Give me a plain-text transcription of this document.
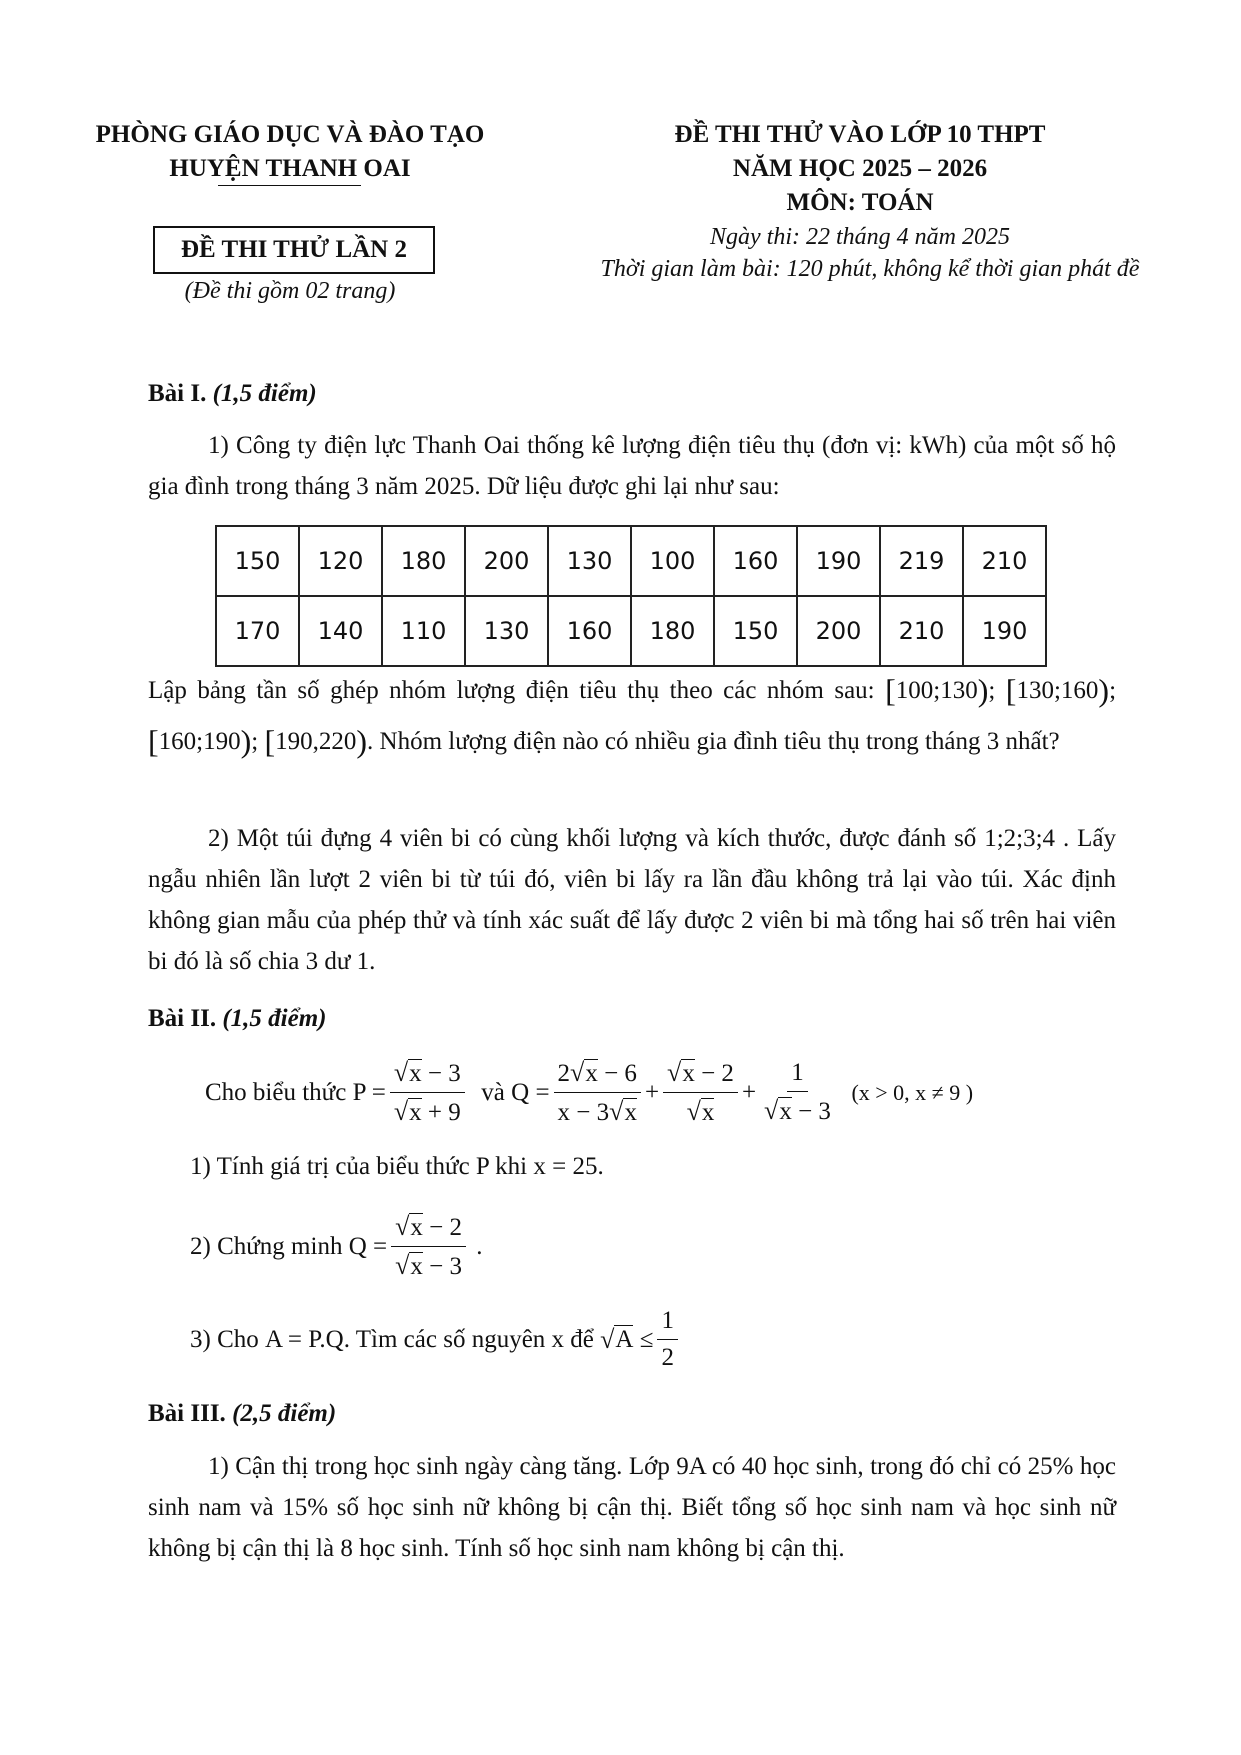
PHÒNG GIÁO DỤC VÀ ĐÀO TẠO
HUYỆN THANH OAI
ĐỀ THI THỬ LẦN 2
(Đề thi gồm 02 trang)
ĐỀ THI THỬ VÀO LỚP 10 THPT
NĂM HỌC 2025 – 2026
MÔN: TOÁN
Ngày thi: 22 tháng 4 năm 2025
Thời gian làm bài: 120 phút, không kể thời gian phát đề
Bài I. (1,5 điểm)
1) Công ty điện lực Thanh Oai thống kê lượng điện tiêu thụ (đơn vị: kWh) của một số hộ gia đình trong tháng 3 năm 2025. Dữ liệu được ghi lại như sau:
150	120	180	200	130	100	160	190	219	210
170	140	110	130	160	180	150	200	210	190
Lập bảng tần số ghép nhóm lượng điện tiêu thụ theo các nhóm sau: [100;130); [130;160); [160;190); [190,220). Nhóm lượng điện nào có nhiều gia đình tiêu thụ trong tháng 3 nhất?
2) Một túi đựng 4 viên bi có cùng khối lượng và kích thước, được đánh số 1;2;3;4 . Lấy ngẫu nhiên lần lượt 2 viên bi từ túi đó, viên bi lấy ra lần đầu không trả lại vào túi. Xác định không gian mẫu của phép thử và tính xác suất để lấy được 2 viên bi mà tổng hai số trên hai viên bi đó là số chia 3 dư 1.
Bài II. (1,5 điểm)
Cho biểu thức $P = \frac{√x - 3}{√x + 9}$
và $Q = \frac{2√x - 6}{x - 3√x} + \frac{√x - 2}{√x} + \frac{1}{√x - 3}$
(x > 0, x ≠ 9 )
1) Tính giá trị của biểu thức P khi x = 25.
2) Chứng minh $Q = \frac{√x - 2}{√x - 3}$ .
3) Cho A = P.Q . Tìm các số nguyên x để
√ $A \le \frac{1}{2}$
Bài III. (2,5 điểm)
1) Cận thị trong học sinh ngày càng tăng. Lớp 9A có 40 học sinh, trong đó chỉ có 25% học sinh nam và 15% số học sinh nữ không bị cận thị. Biết tổng số học sinh nam và học sinh nữ không bị cận thị là 8 học sinh. Tính số học sinh nam không bị cận thị.
